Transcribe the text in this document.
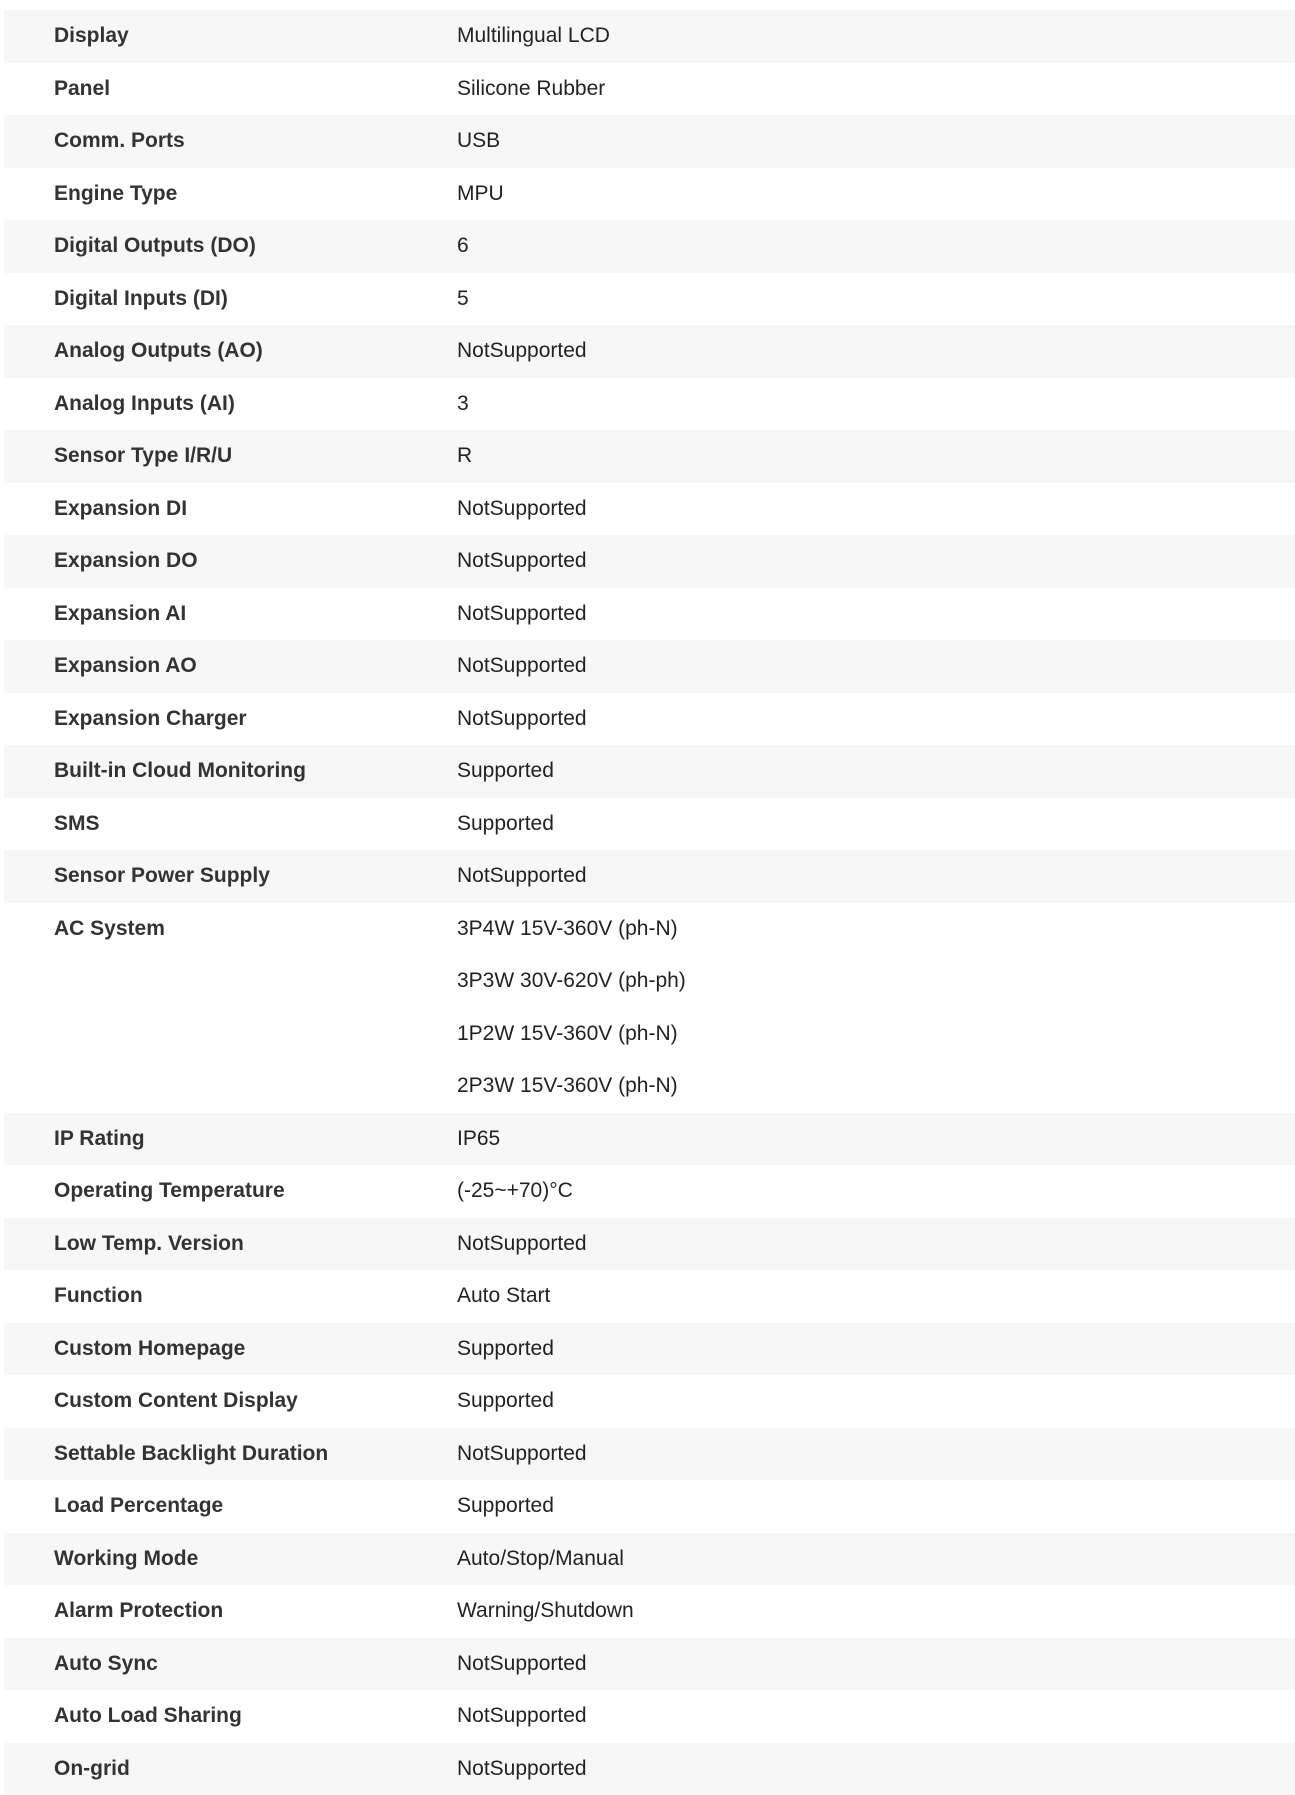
Display	Multilingual LCD
Panel	Silicone Rubber
Comm. Ports	USB
Engine Type	MPU
Digital Outputs (DO)	6
Digital Inputs (DI)	5
Analog Outputs (AO)	NotSupported
Analog Inputs (AI)	3
Sensor Type I/R/U	R
Expansion DI	NotSupported
Expansion DO	NotSupported
Expansion AI	NotSupported
Expansion AO	NotSupported
Expansion Charger	NotSupported
Built-in Cloud Monitoring	Supported
SMS	Supported
Sensor Power Supply	NotSupported
AC System	3P4W 15V-360V (ph-N)
3P3W 30V-620V (ph-ph)
1P2W 15V-360V (ph-N)
2P3W 15V-360V (ph-N)
IP Rating	IP65
Operating Temperature	(-25~+70)°C
Low Temp. Version	NotSupported
Function	Auto Start
Custom Homepage	Supported
Custom Content Display	Supported
Settable Backlight Duration	NotSupported
Load Percentage	Supported
Working Mode	Auto/Stop/Manual
Alarm Protection	Warning/Shutdown
Auto Sync	NotSupported
Auto Load Sharing	NotSupported
On-grid	NotSupported
